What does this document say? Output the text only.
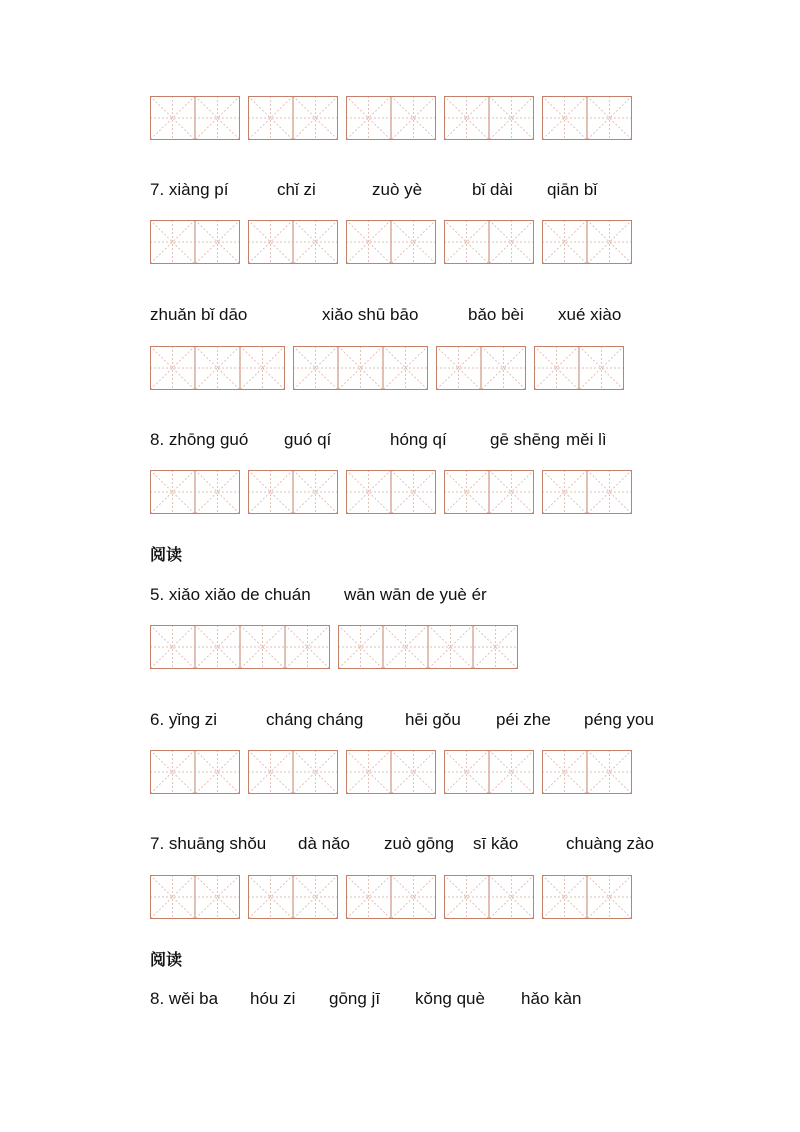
7. xiàng pí	chǐ zi	zuò yè	bǐ dài qiān bǐ
zhuǎn bǐ dāo	xiǎo shū bāo	bǎo bèi xué xiào
8. zhōng guó guó qí	hóng qí	gē shēng měi lì
阅读
5. xiǎo xiǎo de chuán wān wān de yuè ér
6. yǐng zi	cháng cháng hēi gǒu péi zhe péng you
7. shuāng shǒu dà nǎo zuò gōng sī kǎo	chuàng zào
阅读
8. wěi ba hóu zi gōng jī kǒng què hǎo kàn
